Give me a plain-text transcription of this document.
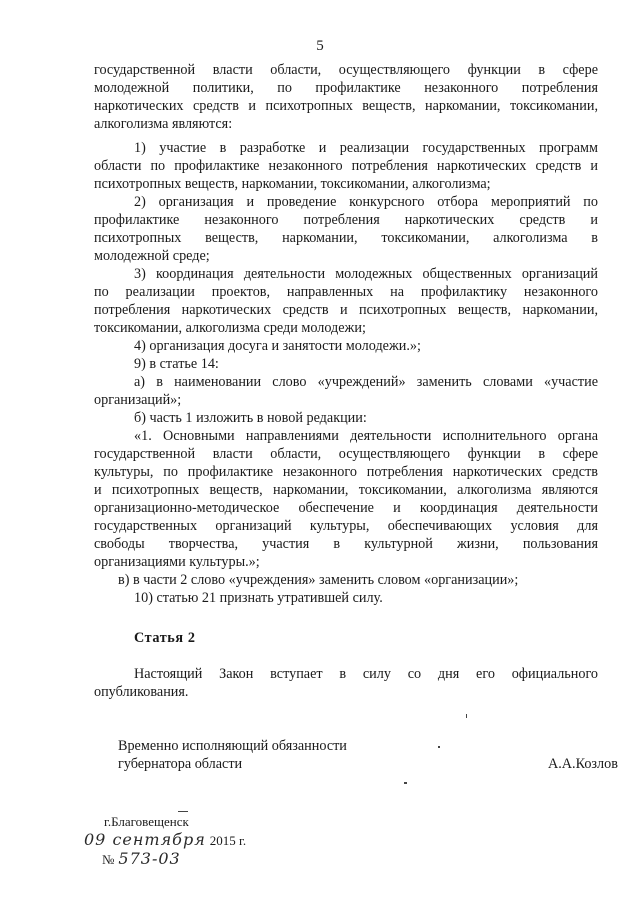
5
государственной власти области, осуществляющего функции в сфере
молодежной политики, по профилактике незаконного потребления
наркотических средств и психотропных веществ, наркомании, токсикомании,
алкоголизма являются:
1) участие в разработке и реализации государственных программ
области по профилактике незаконного потребления наркотических средств и
психотропных веществ, наркомании, токсикомании, алкоголизма;
2) организация и проведение конкурсного отбора мероприятий по
профилактике незаконного потребления наркотических средств и
психотропных веществ, наркомании, токсикомании, алкоголизма в
молодежной среде;
3) координация деятельности молодежных общественных организаций
по реализации проектов, направленных на профилактику незаконного
потребления наркотических средств и психотропных веществ, наркомании,
токсикомании, алкоголизма среди молодежи;
4) организация досуга и занятости молодежи.»;
9) в статье 14:
а) в наименовании слово «учреждений» заменить словами «участие
организаций»;
б) часть 1 изложить в новой редакции:
«1. Основными направлениями деятельности исполнительного органа
государственной власти области, осуществляющего функции в сфере
культуры, по профилактике незаконного потребления наркотических средств
и психотропных веществ, наркомании, токсикомании, алкоголизма являются
организационно-методическое обеспечение и координация деятельности
государственных организаций культуры, обеспечивающих условия для
свободы творчества, участия в культурной жизни, пользования
организациями культуры.»;
в) в части 2 слово «учреждения» заменить словом «организации»;
10) статью 21 признать утратившей силу.
Статья 2
Настоящий Закон вступает в силу со дня его официального
опубликования.
Временно исполняющий обязанности
губернатора области	А.А.Козлов
г.Благовещенск
09 сентября 2015 г.
№ 573-03
